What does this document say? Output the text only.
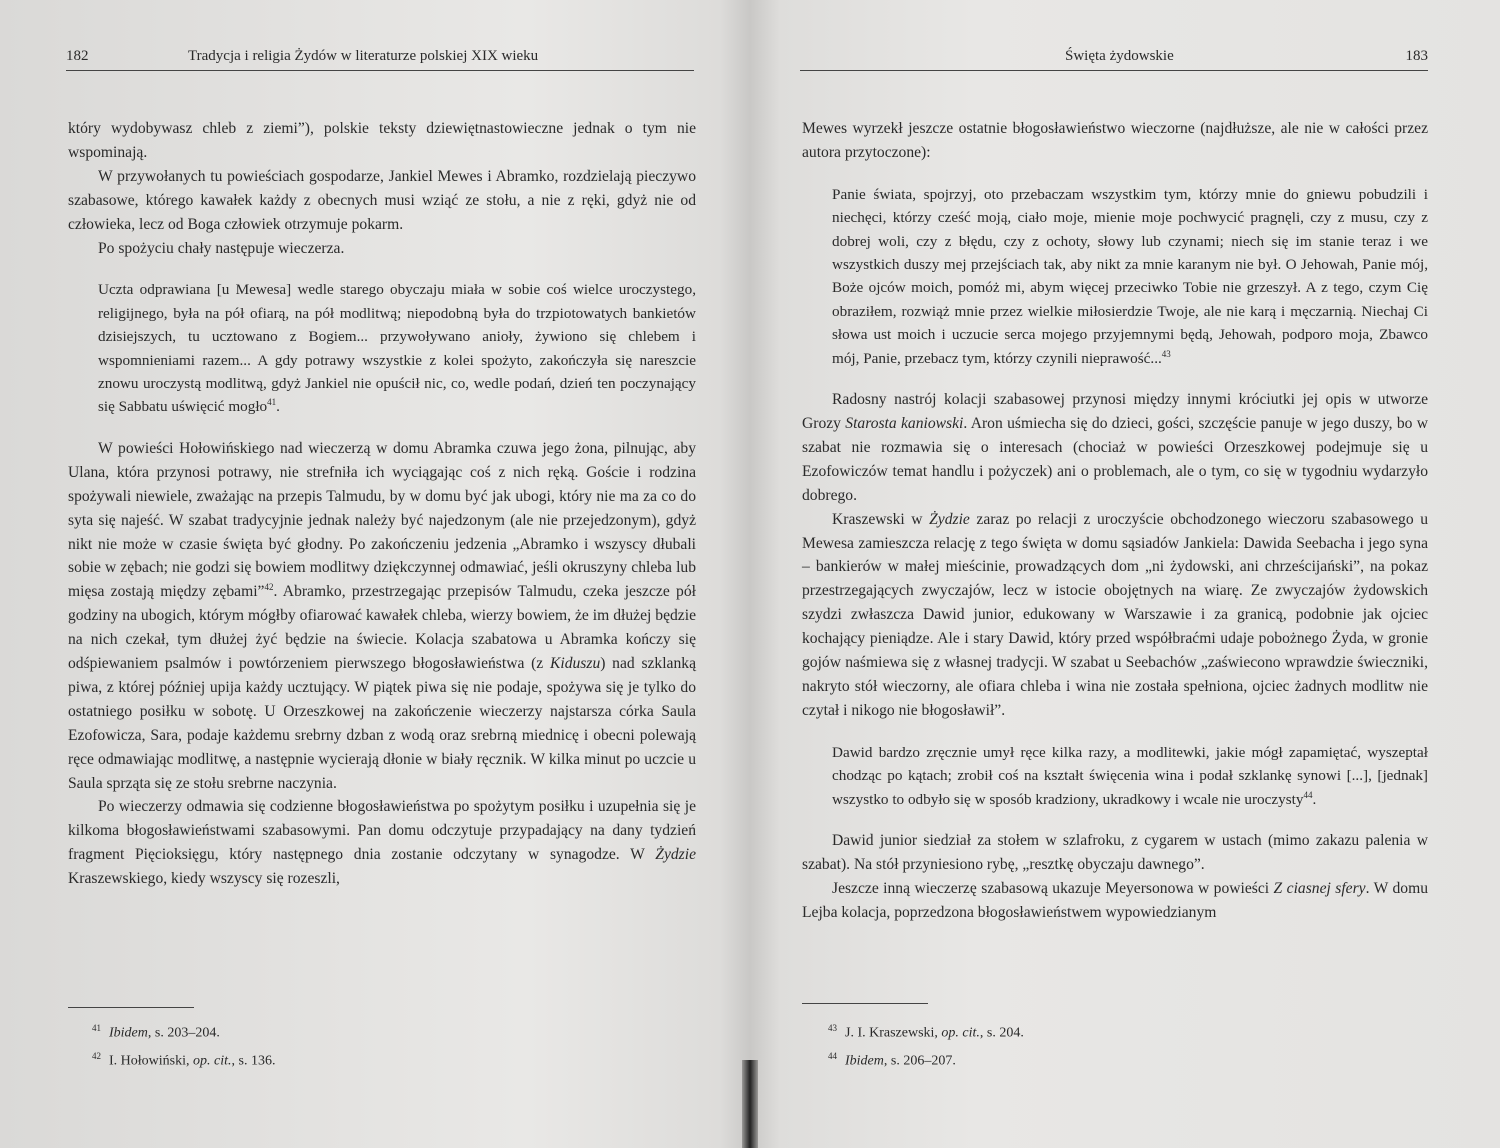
182	Tradycja i religia Żydów w literaturze polskiej XIX wieku

który wydobywasz chleb z ziemi”), polskie teksty dziewiętnastowieczne jednak o tym nie wspominają.

W przywołanych tu powieściach gospodarze, Jankiel Mewes i Abramko, rozdzielają pieczywo szabasowe, którego kawałek każdy z obecnych musi wziąć ze stołu, a nie z ręki, gdyż nie od człowieka, lecz od Boga człowiek otrzymuje pokarm.

Po spożyciu chały następuje wieczerza.

Uczta odprawiana [u Mewesa] wedle starego obyczaju miała w sobie coś wielce uroczystego, religijnego, była na pół ofiarą, na pół modlitwą; niepodobną była do trzpiotowatych bankietów dzisiejszych, tu ucztowano z Bogiem... przywoływano anioły, żywiono się chlebem i wspomnieniami razem... A gdy potrawy wszystkie z kolei spożyto, zakończyła się nareszcie znowu uroczystą modlitwą, gdyż Jankiel nie opuścił nic, co, wedle podań, dzień ten poczynający się Sabbatu uświęcić mogło$^{41}$.

W powieści Hołowińskiego nad wieczerzą w domu Abramka czuwa jego żona, pilnując, aby Ulana, która przynosi potrawy, nie strefniła ich wyciągając coś z nich ręką. Goście i rodzina spożywali niewiele, zważając na przepis Talmudu, by w domu być jak ubogi, który nie ma za co do syta się najeść. W szabat tradycyjnie jednak należy być najedzonym (ale nie przejedzonym), gdyż nikt nie może w czasie święta być głodny. Po zakończeniu jedzenia „Abramko i wszyscy dłubali sobie w zębach; nie godzi się bowiem modlitwy dziękczynnej odmawiać, jeśli okruszyny chleba lub mięsa zostają między zębami”$^{42}$. Abramko, przestrzegając przepisów Talmudu, czeka jeszcze pół godziny na ubogich, którym mógłby ofiarować kawałek chleba, wierzy bowiem, że im dłużej będzie na nich czekał, tym dłużej żyć będzie na świecie. Kolacja szabatowa u Abramka kończy się odśpiewaniem psalmów i powtórzeniem pierwszego błogosławieństwa (z Kiduszu) nad szklanką piwa, z której później upija każdy ucztujący. W piątek piwa się nie podaje, spożywa się je tylko do ostatniego posiłku w sobotę. U Orzeszkowej na zakończenie wieczerzy najstarsza córka Saula Ezofowicza, Sara, podaje każdemu srebrny dzban z wodą oraz srebrną miednicę i obecni polewają ręce odmawiając modlitwę, a następnie wycierają dłonie w biały ręcznik. W kilka minut po uczcie u Saula sprząta się ze stołu srebrne naczynia.

Po wieczerzy odmawia się codzienne błogosławieństwa po spożytym posiłku i uzupełnia się je kilkoma błogosławieństwami szabasowymi. Pan domu odczytuje przypadający na dany tydzień fragment Pięcioksięgu, który następnego dnia zostanie odczytany w synagodze. W Żydzie Kraszewskiego, kiedy wszyscy się rozeszli,

$^{41}$ Ibidem, s. 203–204.
$^{42}$ I. Hołowiński, op. cit., s. 136.
Święta żydowskie	183

Mewes wyrzekł jeszcze ostatnie błogosławieństwo wieczorne (najdłuższe, ale nie w całości przez autora przytoczone):

Panie świata, spojrzyj, oto przebaczam wszystkim tym, którzy mnie do gniewu pobudzili i niechęci, którzy cześć moją, ciało moje, mienie moje pochwycić pragnęli, czy z musu, czy z dobrej woli, czy z błędu, czy z ochoty, słowy lub czynami; niech się im stanie teraz i we wszystkich duszy mej przejściach tak, aby nikt za mnie karanym nie był. O Jehowah, Panie mój, Boże ojców moich, pomóż mi, abym więcej przeciwko Tobie nie grzeszył. A z tego, czym Cię obraziłem, rozwiąż mnie przez wielkie miłosierdzie Twoje, ale nie karą i męczarnią. Niechaj Ci słowa ust moich i uczucie serca mojego przyjemnymi będą, Jehowah, podporo moja, Zbawco mój, Panie, przebacz tym, którzy czynili nieprawość...$^{43}$

Radosny nastrój kolacji szabasowej przynosi między innymi króciutki jej opis w utworze Grozy Starosta kaniowski. Aron uśmiecha się do dzieci, gości, szczęście panuje w jego duszy, bo w szabat nie rozmawia się o interesach (chociaż w powieści Orzeszkowej podejmuje się u Ezofowiczów temat handlu i pożyczek) ani o problemach, ale o tym, co się w tygodniu wydarzyło dobrego.

Kraszewski w Żydzie zaraz po relacji z uroczyście obchodzonego wieczoru szabasowego u Mewesa zamieszcza relację z tego święta w domu sąsiadów Jankiela: Dawida Seebacha i jego syna – bankierów w małej mieścinie, prowadzących dom „ni żydowski, ani chrześcijański”, na pokaz przestrzegających zwyczajów, lecz w istocie obojętnych na wiarę. Ze zwyczajów żydowskich szydzi zwłaszcza Dawid junior, edukowany w Warszawie i za granicą, podobnie jak ojciec kochający pieniądze. Ale i stary Dawid, który przed współbraćmi udaje pobożnego Żyda, w gronie gojów naśmiewa się z własnej tradycji. W szabat u Seebachów „zaświecono wprawdzie świeczniki, nakryto stół wieczorny, ale ofiara chleba i wina nie została spełniona, ojciec żadnych modlitw nie czytał i nikogo nie błogosławił”.

Dawid bardzo zręcznie umył ręce kilka razy, a modlitewki, jakie mógł zapamiętać, wyszeptał chodząc po kątach; zrobił coś na kształt święcenia wina i podał szklankę synowi [...], [jednak] wszystko to odbyło się w sposób kradziony, ukradkowy i wcale nie uroczysty$^{44}$.

Dawid junior siedział za stołem w szlafroku, z cygarem w ustach (mimo zakazu palenia w szabat). Na stół przyniesiono rybę, „resztkę obyczaju dawnego”.

Jeszcze inną wieczerzę szabasową ukazuje Meyersonowa w powieści Z ciasnej sfery. W domu Lejba kolacja, poprzedzona błogosławieństwem wypowiedzianym

$^{43}$ J. I. Kraszewski, op. cit., s. 204.
$^{44}$ Ibidem, s. 206–207.
